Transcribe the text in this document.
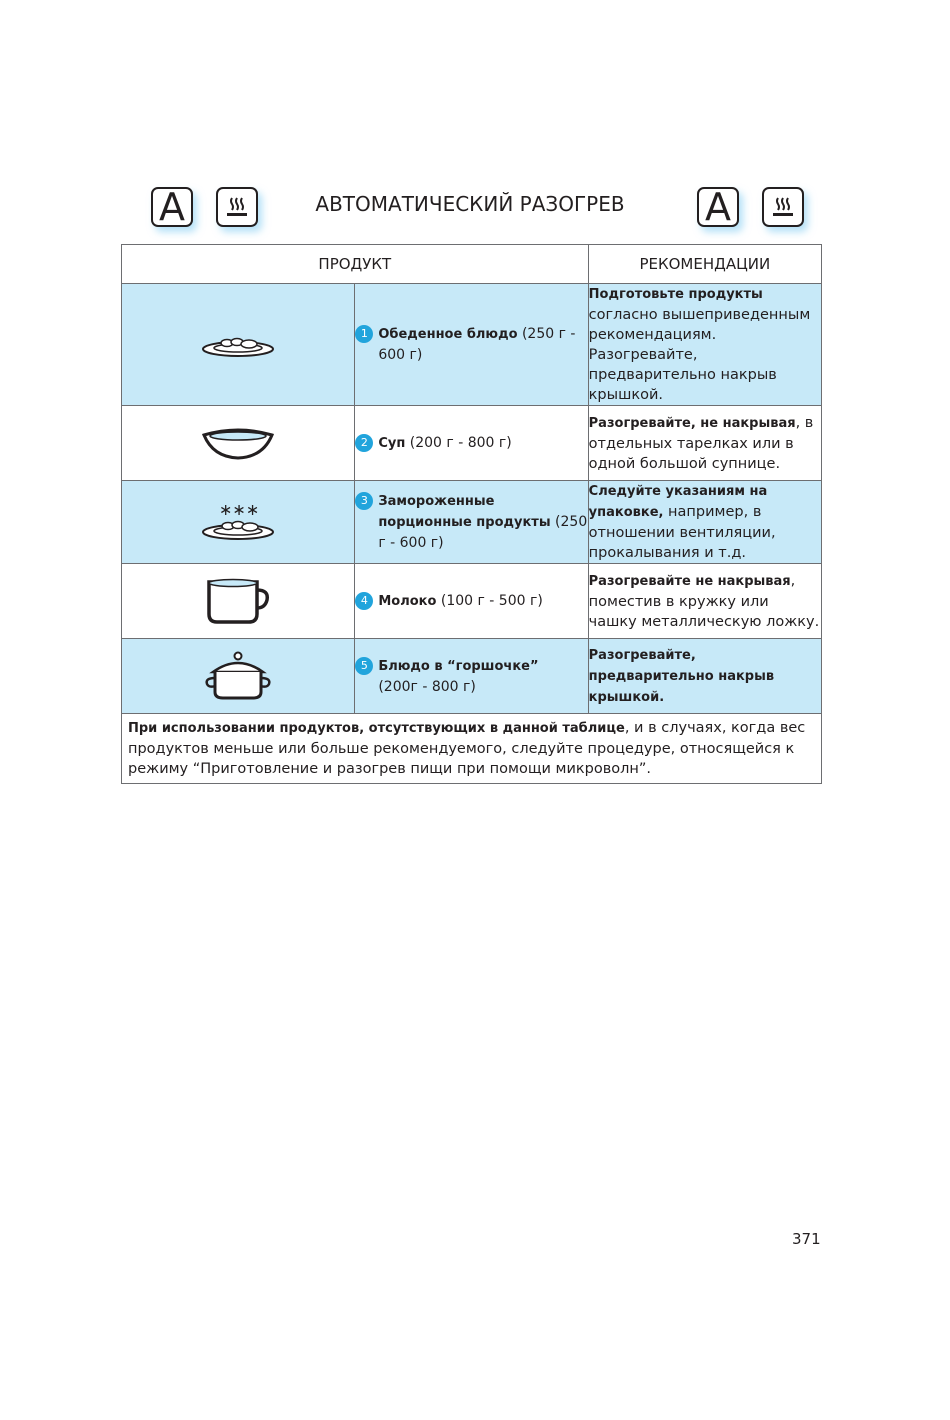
A	АВТОМАТИЧЕСКИЙ РАЗОГРЕВ	A
ПРОДУКТ		РЕКОМЕНДАЦИИ

1 Обеденное блюдо (250 г - 600 г)	Подготовьте продукты согласно вышеприведенным рекомендациям. Разогревайте, предварительно накрыв крышкой.

2 Суп (200 г - 800 г)	Разогревайте, не накрывая, в отдельных тарелках или в одной большой супнице.

∗∗∗	3 Замороженные порционные продукты (250 г - 600 г)	Следуйте указаниям на упаковке, например, в отношении вентиляции, прокалывания и т.д.

4 Молоко (100 г - 500 г)	Разогревайте не накрывая, поместив в кружку или чашку металлическую ложку.

5 Блюдо в “горшочке”
(200г - 800 г)	Разогревайте, предварительно накрыв крышкой.
При использовании продуктов, отсутствующих в данной таблице, и в случаях, когда вес продуктов меньше или больше рекомендуемого, следуйте процедуре, относящейся к режиму “Приготовление и разогрев пищи при помощи микроволн”.		
371
